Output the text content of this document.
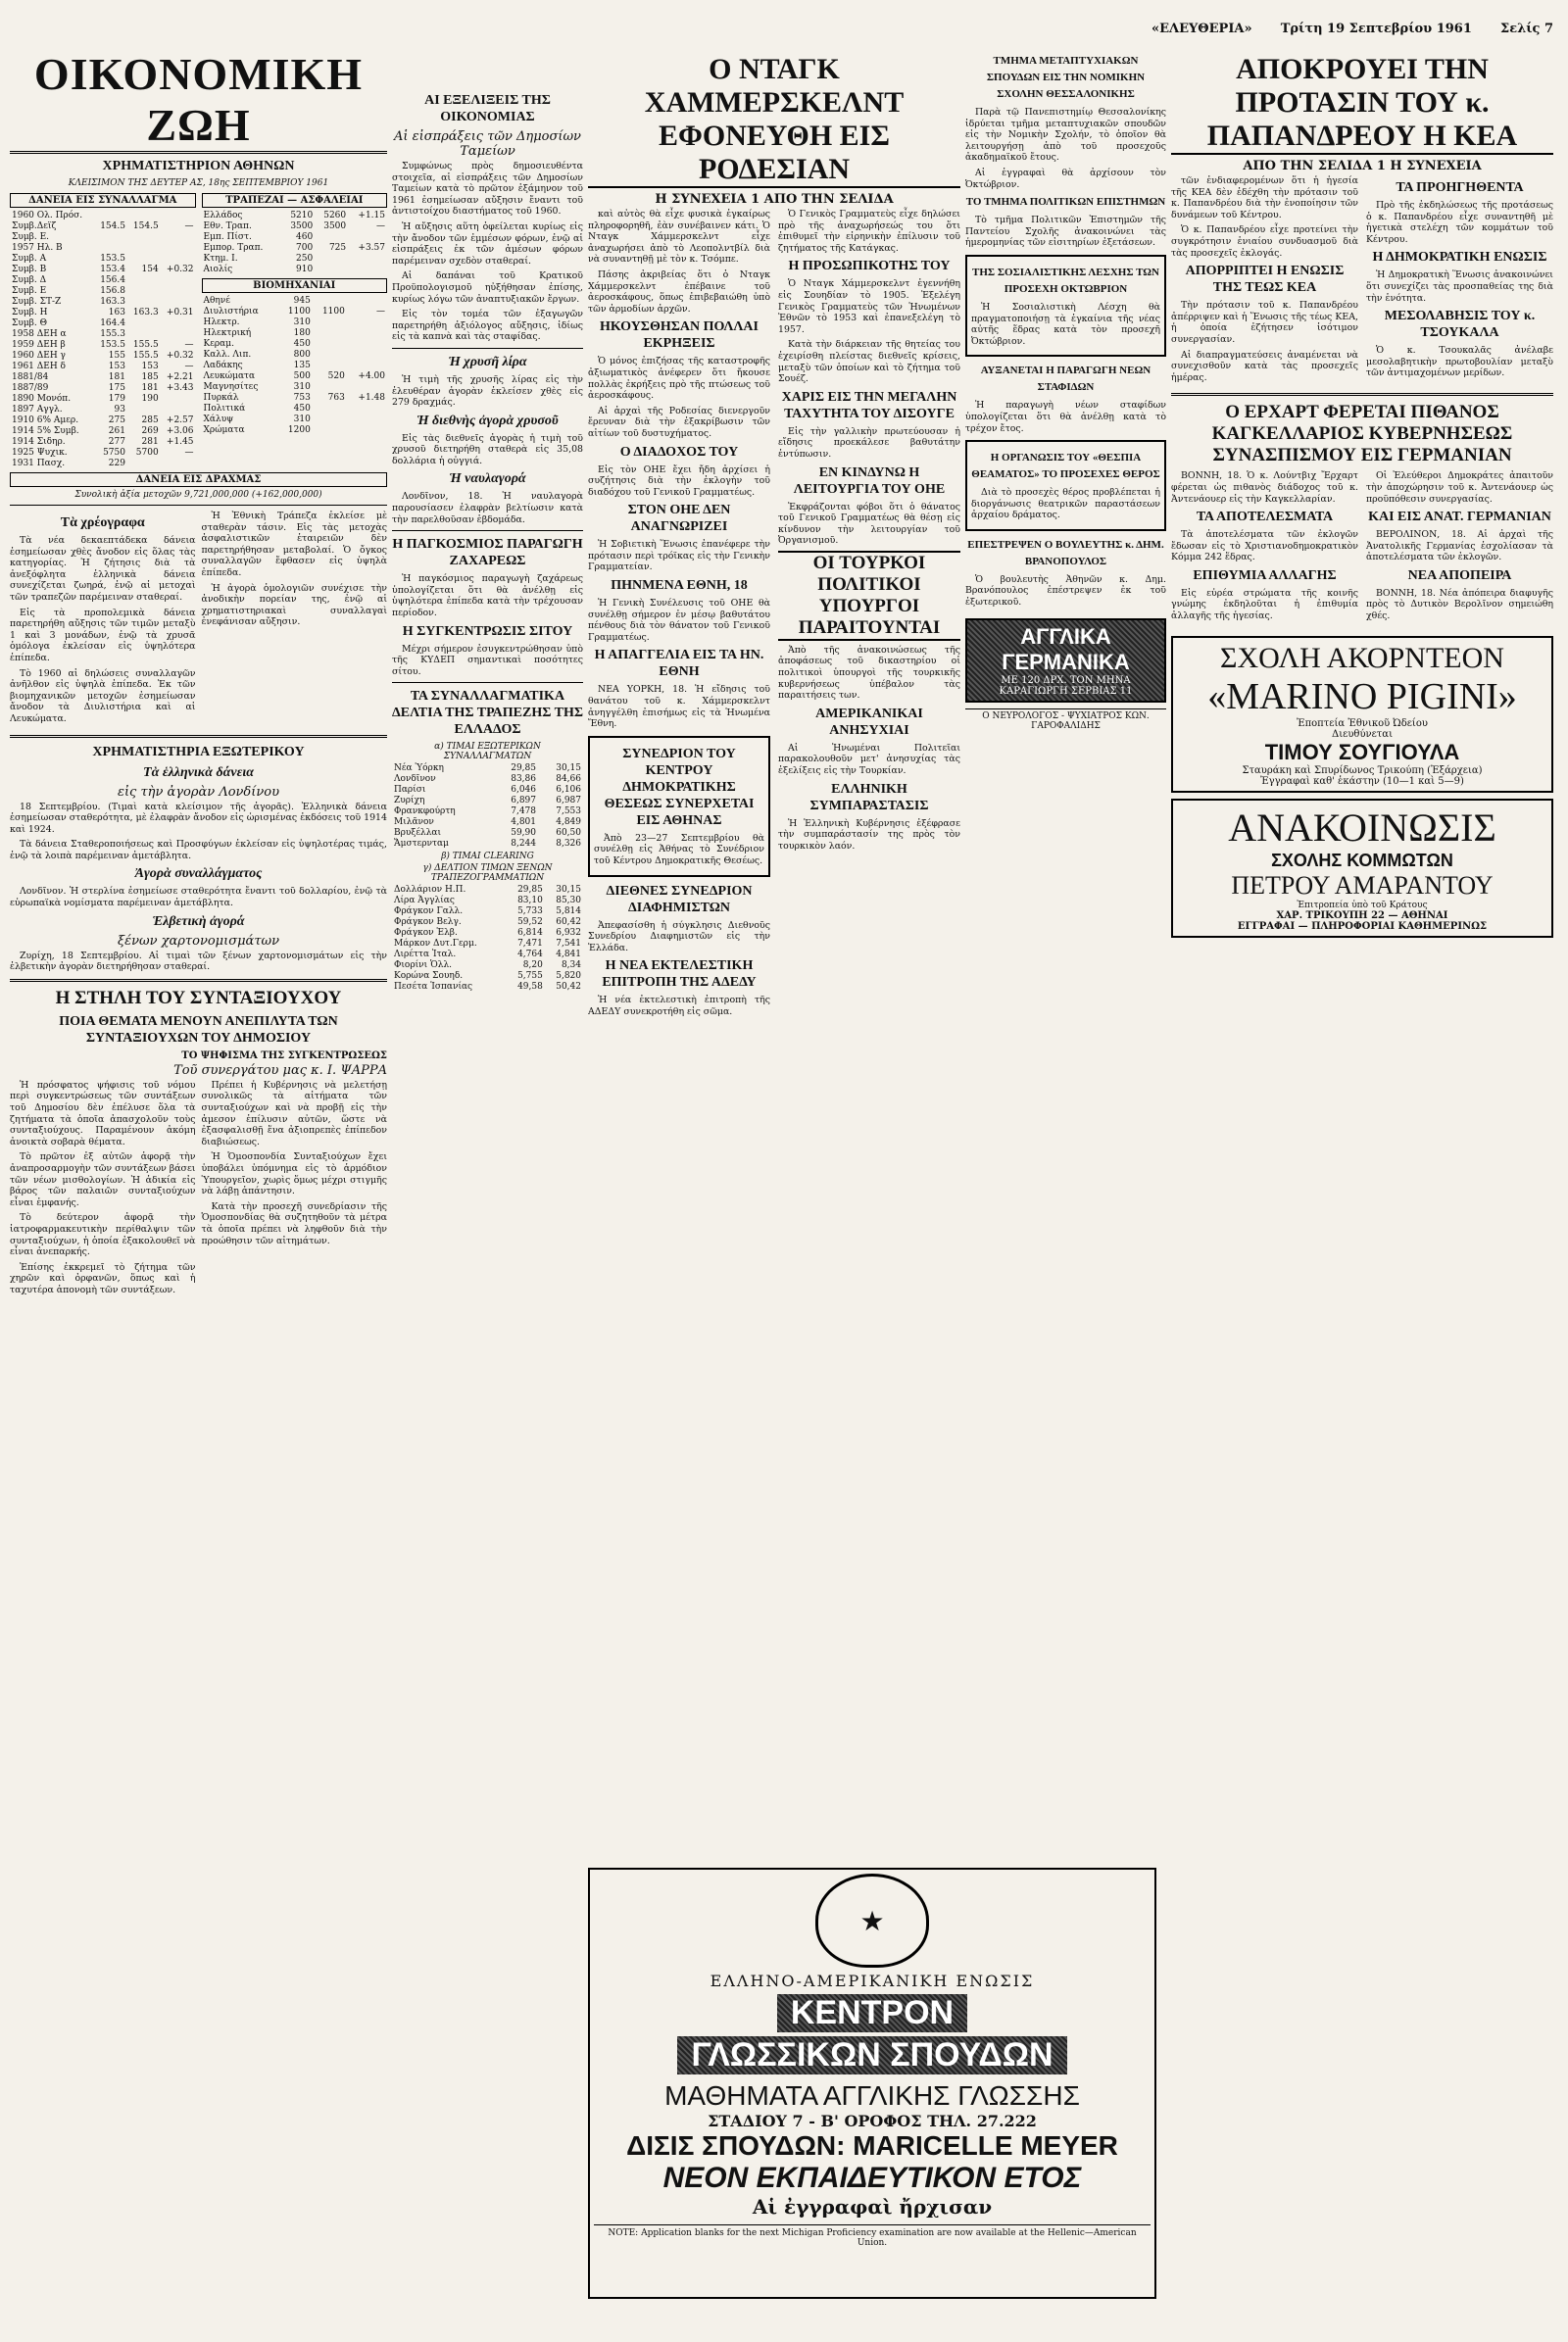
«ΕΛΕΥΘΕΡΙΑ» Τρίτη 19 Σεπτεβρίου 1961 Σελίς 7
ΟΙΚΟΝΟΜΙΚΗ ΖΩΗ
ΧΡΗΜΑΤΙΣΤΗΡΙΟΝ ΑΘΗΝΩΝ
ΚΛΕΙΣΙΜΟΝ ΤΗΣ ΔΕΥΤΕΡ ΑΣ, 18ης ΣΕΠΤΕΜΒΡΙΟΥ 1961
ΔΑΝΕΙΑ ΕΙΣ ΣΥΝΑΛΛΑΓΜΑ
1960 Ολ. Πρόσ.			
Συμβ.Δεϊζ	154.5	154.5	—
Συμβ. Ε.			
1957 Ηλ. Β			
Συμβ. Α	153.5		
Συμβ. Β	153.4	154	+0.32
Συμβ. Δ	156.4		
Συμβ. Ε	156.8		
Συμβ. ΣΤ-Ζ	163.3		
Συμβ. Η	163	163.3	+0.31
Συμβ. Θ	164.4		
1958 ΔΕΗ α	155.3		
1959 ΔΕΗ β	153.5	155.5	—
1960 ΔΕΗ γ	155	155.5	+0.32
1961 ΔΕΗ δ	153	153	—
1881/84	181	185	+2.21
1887/89	175	181	+3.43
1890 Μονόπ.	179	190	
1897 Αγγλ.	93		
1910 6% Αμερ.	275	285	+2.57
1914 5% Συμβ.	261	269	+3.06
1914 Σιδηρ.	277	281	+1.45
1925 Ψυχικ.	5750	5700	—
1931 Πασχ.	229		
ΤΡΑΠΕΖΑΙ — ΑΣΦΑΛΕΙΑΙ
Ελλάδος	5210	5260	+1.15
Εθν. Τραπ.	3500	3500	—
Εμπ. Πίστ.	460		
Εμπορ. Τραπ.	700	725	+3.57
Κτημ. Ι.	250		
Αιολίς	910		
ΒΙΟΜΗΧΑΝΙΑΙ
Αθηνέ	945		
Διυλιστήρια	1100	1100	—
Ηλεκτρ.	310		
Ηλεκτρική	180		
Κεραμ.	450		
Καλλ. Λιπ.	800		
Λαδάκης	135		
Λευκώματα	500	520	+4.00
Μαγνησίτες	310		
Πυρκάλ	753	763	+1.48
Πολιτικά	450		
Χάλυψ	310		
Χρώματα	1200		
ΔΑΝΕΙΑ ΕΙΣ ΔΡΑΧΜΑΣ
Συνολικὴ ἀξία μετοχῶν 9,721,000,000 (+162,000,000)
Τὰ χρέογραφα

Τὰ νέα δεκαεπτάδεκα δάνεια ἐσημείωσαν χθὲς ἄνοδον εἰς ὅλας τὰς κατηγορίας. Ἡ ζήτησις διὰ τὰ ἀνεξόφλητα ἑλληνικὰ δάνεια συνεχίζεται ζωηρά, ἐνῷ αἱ μετοχαὶ τῶν τραπεζῶν παρέμειναν σταθεραί.

Εἰς τὰ προπολεμικὰ δάνεια παρετηρήθη αὔξησις τῶν τιμῶν μεταξὺ 1 καὶ 3 μονάδων, ἐνῷ τὰ χρυσᾶ ὁμόλογα ἐκλείσαν εἰς ὑψηλότερα ἐπίπεδα.

Τὸ 1960 αἱ δηλώσεις συναλλαγῶν ἀνῆλθον εἰς ὑψηλὰ ἐπίπεδα. Ἐκ τῶν βιομηχανικῶν μετοχῶν ἐσημείωσαν ἄνοδον τὰ Διυλιστήρια καὶ αἱ Λευκώματα.

Ἡ Ἐθνικὴ Τράπεζα ἐκλείσε μὲ σταθερὰν τάσιν. Εἰς τὰς μετοχὰς ἀσφαλιστικῶν ἑταιρειῶν δὲν παρετηρήθησαν μεταβολαί. Ὁ ὄγκος συναλλαγῶν ἔφθασεν εἰς ὑψηλὰ ἐπίπεδα.

Ἡ ἀγορὰ ὀμολογιῶν συνέχισε τὴν ἀνοδικὴν πορείαν της, ἐνῷ αἱ χρηματιστηριακαὶ συναλλαγαὶ ἐνεφάνισαν αὔξησιν.

ΧΡΗΜΑΤΙΣΤΗΡΙΑ ΕΞΩΤΕΡΙΚΟΥ
Τὰ ἑλληνικὰ δάνεια
εἰς τὴν ἀγορὰν Λονδίνου

18 Σεπτεμβρίου. (Τιμαὶ κατὰ κλείσιμον τῆς ἀγορᾶς). Ἑλληνικὰ δάνεια ἐσημείωσαν σταθερότητα, μὲ ἐλαφρὰν ἄνοδον εἰς ὡρισμένας ἐκδόσεις τοῦ 1914 καὶ 1924.

Τὰ δάνεια Σταθεροποιήσεως καὶ Προσφύγων ἐκλείσαν εἰς ὑψηλοτέρας τιμάς, ἐνῷ τὰ λοιπὰ παρέμειναν ἀμετάβλητα.

Ἀγορὰ συναλλάγματος

Λονδῖνον. Ἡ στερλίνα ἐσημείωσε σταθερότητα ἔναντι τοῦ δολλαρίου, ἐνῷ τὰ εὐρωπαϊκὰ νομίσματα παρέμειναν ἀμετάβλητα.

Ἑλβετικὴ ἀγορά
ξένων χαρτονομισμάτων

Ζυρίχη, 18 Σεπτεμβρίου. Αἱ τιμαὶ τῶν ξένων χαρτονομισμάτων εἰς τὴν ἑλβετικὴν ἀγορὰν διετηρήθησαν σταθεραί.

Η ΣΤΗΛΗ ΤΟΥ ΣΥΝΤΑΞΙΟΥΧΟΥ
ΠΟΙΑ ΘΕΜΑΤΑ ΜΕΝΟΥΝ ΑΝΕΠΙΛΥΤΑ ΤΩΝ ΣΥΝΤΑΞΙΟΥΧΩΝ ΤΟΥ ΔΗΜΟΣΙΟΥ
ΤΟ ΨΗΦΙΣΜΑ ΤΗΣ ΣΥΓΚΕΝΤΡΩΣΕΩΣ
Τοῦ συνεργάτου μας κ. Ι. ΨΑΡΡΑ

Ἡ πρόσφατος ψήφισις τοῦ νόμου περὶ συγκεντρώσεως τῶν συντάξεων τοῦ Δημοσίου δὲν ἐπέλυσε ὅλα τὰ ζητήματα τὰ ὁποῖα ἀπασχολοῦν τοὺς συνταξιούχους. Παραμένουν ἀκόμη ἀνοικτὰ σοβαρὰ θέματα.

Τὸ πρῶτον ἐξ αὐτῶν ἀφορᾷ τὴν ἀναπροσαρμογὴν τῶν συντάξεων βάσει τῶν νέων μισθολογίων. Ἡ ἀδικία εἰς βάρος τῶν παλαιῶν συνταξιούχων εἶναι ἐμφανής.

Τὸ δεύτερον ἀφορᾷ τὴν ἰατροφαρμακευτικὴν περίθαλψιν τῶν συνταξιούχων, ἡ ὁποία ἐξακολουθεῖ νὰ εἶναι ἀνεπαρκής.

Ἐπίσης ἐκκρεμεῖ τὸ ζήτημα τῶν χηρῶν καὶ ὀρφανῶν, ὅπως καὶ ἡ ταχυτέρα ἀπονομὴ τῶν συντάξεων.

Πρέπει ἡ Κυβέρνησις νὰ μελετήσῃ συνολικῶς τὰ αἰτήματα τῶν συνταξιούχων καὶ νὰ προβῇ εἰς τὴν ἀμεσον ἐπίλυσιν αὐτῶν, ὥστε νὰ ἐξασφαλισθῇ ἕνα ἀξιοπρεπὲς ἐπίπεδον διαβιώσεως.

Ἡ Ὁμοσπονδία Συνταξιούχων ἔχει ὑποβάλει ὑπόμνημα εἰς τὸ ἁρμόδιον Ὑπουργεῖον, χωρὶς ὅμως μέχρι στιγμῆς νὰ λάβῃ ἀπάντησιν.

Κατὰ τὴν προσεχῆ συνεδρίασιν τῆς Ὁμοσπονδίας θὰ συζητηθοῦν τὰ μέτρα τὰ ὁποῖα πρέπει νὰ ληφθοῦν διὰ τὴν προώθησιν τῶν αἰτημάτων.

ΑΙ ΕΞΕΛΙΞΕΙΣ ΤΗΣ ΟΙΚΟΝΟΜΙΑΣ
Αἱ εἰσπράξεις τῶν Δημοσίων Ταμείων

Συμφώνως πρὸς δημοσιευθέντα στοιχεῖα, αἱ εἰσπράξεις τῶν Δημοσίων Ταμείων κατὰ τὸ πρῶτον ἑξάμηνον τοῦ 1961 ἐσημείωσαν αὔξησιν ἔναντι τοῦ ἀντιστοίχου διαστήματος τοῦ 1960.

Ἡ αὔξησις αὕτη ὀφείλεται κυρίως εἰς τὴν ἄνοδον τῶν ἐμμέσων φόρων, ἐνῷ αἱ εἰσπράξεις ἐκ τῶν ἀμέσων φόρων παρέμειναν σχεδὸν σταθεραί.

Αἱ δαπάναι τοῦ Κρατικοῦ Προϋπολογισμοῦ ηὐξήθησαν ἐπίσης, κυρίως λόγω τῶν ἀναπτυξιακῶν ἔργων.

Εἰς τὸν τομέα τῶν ἐξαγωγῶν παρετηρήθη ἀξιόλογος αὔξησις, ἰδίως εἰς τὰ καπνὰ καὶ τὰς σταφίδας.

Ἡ χρυσῆ λίρα

Ἡ τιμὴ τῆς χρυσῆς λίρας εἰς τὴν ἐλευθέραν ἀγορὰν ἐκλείσεν χθὲς εἰς 279 δραχμάς.

Ἡ διεθνὴς ἀγορὰ χρυσοῦ

Εἰς τὰς διεθνεῖς ἀγορὰς ἡ τιμὴ τοῦ χρυσοῦ διετηρήθη σταθερὰ εἰς 35,08 δολλάρια ἡ οὐγγιά.

Ἡ ναυλαγορά

Λονδῖνον, 18. Ἡ ναυλαγορὰ παρουσίασεν ἐλαφρὰν βελτίωσιν κατὰ τὴν παρελθοῦσαν ἑβδομάδα.

Η ΠΑΓΚΟΣΜΙΟΣ ΠΑΡΑΓΩΓΗ ΖΑΧΑΡΕΩΣ

Ἡ παγκόσμιος παραγωγὴ ζαχάρεως ὑπολογίζεται ὅτι θὰ ἀνέλθῃ εἰς ὑψηλότερα ἐπίπεδα κατὰ τὴν τρέχουσαν περίοδον.

Η ΣΥΓΚΕΝΤΡΩΣΙΣ ΣΙΤΟΥ

Μέχρι σήμερον ἐσυγκεντρώθησαν ὑπὸ τῆς ΚΥΔΕΠ σημαντικαὶ ποσότητες σίτου.

ΤΑ ΣΥΝΑΛΛΑΓΜΑΤΙΚΑ ΔΕΛΤΙΑ ΤΗΣ ΤΡΑΠΕΖΗΣ ΤΗΣ ΕΛΛΑΔΟΣ
α) ΤΙΜΑΙ ΕΞΩΤΕΡΙΚΩΝ ΣΥΝΑΛΛΑΓΜΑΤΩΝ
Νέα Ὑόρκη	29,85	30,15
Λονδῖνον	83,86	84,66
Παρίσι	6,046	6,106
Ζυρίχη	6,897	6,987
Φρανκφούρτη	7,478	7,553
Μιλᾶνον	4,801	4,849
Βρυξέλλαι	59,90	60,50
Ἄμστερνταμ	8,244	8,326
β) ΤΙΜΑΙ CLEARING
γ) ΔΕΛΤΙΟΝ ΤΙΜΩΝ ΞΕΝΩΝ ΤΡΑΠΕΖΟΓΡΑΜΜΑΤΙΩΝ
Δολλάριον Η.Π.	29,85	30,15
Λίρα Ἀγγλίας	83,10	85,30
Φράγκον Γαλλ.	5,733	5,814
Φράγκον Βελγ.	59,52	60,42
Φράγκον Ἑλβ.	6,814	6,932
Μάρκον Δυτ.Γερμ.	7,471	7,541
Λιρέττα Ἰταλ.	4,764	4,841
Φιορίνι Ὁλλ.	8,20	8,34
Κορώνα Σουηδ.	5,755	5,820
Πεσέτα Ἱσπανίας	49,58	50,42
Ο ΝΤΑΓΚ ΧΑΜΜΕΡΣΚΕΛΝΤ ΕΦΟΝΕΥΘΗ ΕΙΣ ΡΟΔΕΣΙΑΝ
Η ΣΥΝΕΧΕΙΑ 1 ΑΠΟ ΤΗΝ ΣΕΛΙΔΑ

καὶ αὐτὸς θὰ εἶχε φυσικὰ ἐγκαίρως πληροφορηθῆ, ἐὰν συνέβαινεν κάτι. Ὁ Νταγκ Χάμμερσκελντ εἶχε ἀναχωρήσει ἀπὸ τὸ Λεοπολντβίλ διὰ νὰ συναντηθῇ μὲ τὸν κ. Τσόμπε.

Πάσης ἀκριβείας ὅτι ὁ Νταγκ Χάμμερσκελντ ἐπέβαινε τοῦ ἀεροσκάφους, ὅπως ἐπιβεβαιώθη ὑπὸ τῶν ἁρμοδίων ἀρχῶν.

ΗΚΟΥΣΘΗΣΑΝ ΠΟΛΛΑΙ ΕΚΡΗΞΕΙΣ

Ὁ μόνος ἐπιζήσας τῆς καταστροφῆς ἀξιωματικὸς ἀνέφερεν ὅτι ἤκουσε πολλὰς ἐκρήξεις πρὸ τῆς πτώσεως τοῦ ἀεροσκάφους.

Αἱ ἀρχαὶ τῆς Ροδεσίας διενεργοῦν ἔρευναν διὰ τὴν ἐξακρίβωσιν τῶν αἰτίων τοῦ δυστυχήματος.

Ο ΔΙΑΔΟΧΟΣ ΤΟΥ

Εἰς τὸν ΟΗΕ ἔχει ἤδη ἀρχίσει ἡ συζήτησις διὰ τὴν ἐκλογὴν τοῦ διαδόχου τοῦ Γενικοῦ Γραμματέως.

ΣΤΟΝ ΟΗΕ ΔΕΝ ΑΝΑΓΝΩΡΙΖΕΙ

Ἡ Σοβιετικὴ Ἕνωσις ἐπανέφερε τὴν πρότασιν περὶ τρόϊκας εἰς τὴν Γενικὴν Γραμματείαν.

ΠΗΝΜΕΝΑ ΕΘΝΗ, 18

Ἡ Γενικὴ Συνέλευσις τοῦ ΟΗΕ θὰ συνέλθῃ σήμερον ἐν μέσῳ βαθυτάτου πένθους διὰ τὸν θάνατον τοῦ Γενικοῦ Γραμματέως.

Η ΑΠΑΓΓΕΛΙΑ ΕΙΣ ΤΑ ΗΝ. ΕΘΝΗ

ΝΕΑ ΥΟΡΚΗ, 18. Ἡ εἴδησις τοῦ θανάτου τοῦ κ. Χάμμερσκελντ ἀνηγγέλθη ἐπισήμως εἰς τὰ Ἡνωμένα Ἔθνη.

ΣΥΝΕΔΡΙΟΝ ΤΟΥ ΚΕΝΤΡΟΥ ΔΗΜΟΚΡΑΤΙΚΗΣ ΘΕΣΕΩΣ ΣΥΝΕΡΧΕΤΑΙ ΕΙΣ ΑΘΗΝΑΣ

Ἀπὸ 23—27 Σεπτεμβρίου θὰ συνέλθῃ εἰς Ἀθήνας τὸ Συνέδριον τοῦ Κέντρου Δημοκρατικῆς Θεσέως.

ΔΙΕΘΝΕΣ ΣΥΝΕΔΡΙΟΝ ΔΙΑΦΗΜΙΣΤΩΝ

Ἀπεφασίσθη ἡ σύγκλησις Διεθνοῦς Συνεδρίου Διαφημιστῶν εἰς τὴν Ἑλλάδα.

Η ΝΕΑ ΕΚΤΕΛΕΣΤΙΚΗ ΕΠΙΤΡΟΠΗ ΤΗΣ ΑΔΕΔΥ

Ἡ νέα ἐκτελεστικὴ ἐπιτροπὴ τῆς ΑΔΕΔΥ συνεκροτήθη εἰς σῶμα.

Ὁ Γενικὸς Γραμματεὺς εἶχε δηλώσει πρὸ τῆς ἀναχωρήσεώς του ὅτι ἐπιθυμεῖ τὴν εἰρηνικὴν ἐπίλυσιν τοῦ ζητήματος τῆς Κατάγκας.

Η ΠΡΟΣΩΠΙΚΟΤΗΣ ΤΟΥ

Ὁ Νταγκ Χάμμερσκελντ ἐγεννήθη εἰς Σουηδίαν τὸ 1905. Ἐξελέγη Γενικὸς Γραμματεὺς τῶν Ἡνωμένων Ἐθνῶν τὸ 1953 καὶ ἐπανεξελέγη τὸ 1957.

Κατὰ τὴν διάρκειαν τῆς θητείας του ἐχειρίσθη πλείστας διεθνεῖς κρίσεις, μεταξὺ τῶν ὁποίων καὶ τὸ ζήτημα τοῦ Σουέζ.

ΧΑΡΙΣ ΕΙΣ ΤΗΝ ΜΕΓΑΛΗΝ ΤΑΧΥΤΗΤΑ ΤΟΥ ΔΙΣΟΥΓΕ

Εἰς τὴν γαλλικὴν πρωτεύουσαν ἡ εἴδησις προεκάλεσε βαθυτάτην ἐντύπωσιν.

ΕΝ ΚΙΝΔΥΝΩ Η ΛΕΙΤΟΥΡΓΙΑ ΤΟΥ ΟΗΕ

Ἐκφράζονται φόβοι ὅτι ὁ θάνατος τοῦ Γενικοῦ Γραμματέως θὰ θέσῃ εἰς κίνδυνον τὴν λειτουργίαν τοῦ Ὀργανισμοῦ.

ΟΙ ΤΟΥΡΚΟΙ ΠΟΛΙΤΙΚΟΙ ΥΠΟΥΡΓΟΙ ΠΑΡΑΙΤΟΥΝΤΑΙ

Ἀπὸ τῆς ἀνακοινώσεως τῆς ἀποφάσεως τοῦ δικαστηρίου οἱ πολιτικοὶ ὑπουργοὶ τῆς τουρκικῆς κυβερνήσεως ὑπέβαλον τὰς παραιτήσεις των.

ΑΜΕΡΙΚΑΝΙΚΑΙ ΑΝΗΣΥΧΙΑΙ

Αἱ Ἡνωμέναι Πολιτεῖαι παρακολουθοῦν μετ' ἀνησυχίας τὰς ἐξελίξεις εἰς τὴν Τουρκίαν.

ΕΛΛΗΝΙΚΗ ΣΥΜΠΑΡΑΣΤΑΣΙΣ

Ἡ Ἑλληνικὴ Κυβέρνησις ἐξέφρασε τὴν συμπαράστασίν της πρὸς τὸν τουρκικὸν λαόν.

ΤΜΗΜΑ ΜΕΤΑΠΤΥΧΙΑΚΩΝ ΣΠΟΥΔΩΝ ΕΙΣ ΤΗΝ ΝΟΜΙΚΗΝ ΣΧΟΛΗΝ ΘΕΣΣΑΛΟΝΙΚΗΣ

Παρὰ τῷ Πανεπιστημίῳ Θεσσαλονίκης ἱδρύεται τμῆμα μεταπτυχιακῶν σπουδῶν εἰς τὴν Νομικὴν Σχολήν, τὸ ὁποῖον θὰ λειτουργήσῃ ἀπὸ τοῦ προσεχοῦς ἀκαδημαϊκοῦ ἔτους.

Αἱ ἐγγραφαὶ θὰ ἀρχίσουν τὸν Ὀκτώβριον.

ΤΟ ΤΜΗΜΑ ΠΟΛΙΤΙΚΩΝ ΕΠΙΣΤΗΜΩΝ

Τὸ τμῆμα Πολιτικῶν Ἐπιστημῶν τῆς Παντείου Σχολῆς ἀνακοινώνει τὰς ἡμερομηνίας τῶν εἰσιτηρίων ἐξετάσεων.

ΤΗΣ ΣΟΣΙΑΛΙΣΤΙΚΗΣ ΛΕΣΧΗΣ ΤΩΝ ΠΡΟΣΕΧΗ ΟΚΤΩΒΡΙΟΝ

Ἡ Σοσιαλιστικὴ Λέσχη θὰ πραγματοποιήσῃ τὰ ἐγκαίνια τῆς νέας αὐτῆς ἕδρας κατὰ τὸν προσεχῆ Ὀκτώβριον.

ΑΥΞΑΝΕΤΑΙ Η ΠΑΡΑΓΩΓΗ ΝΕΩΝ ΣΤΑΦΙΔΩΝ

Ἡ παραγωγὴ νέων σταφίδων ὑπολογίζεται ὅτι θὰ ἀνέλθῃ κατὰ τὸ τρέχον ἔτος.

Η ΟΡΓΑΝΩΣΙΣ ΤΟΥ «ΘΕΣΠΙΑ ΘΕΑΜΑΤΟΣ» ΤΟ ΠΡΟΣΕΧΕΣ ΘΕΡΟΣ

Διὰ τὸ προσεχὲς θέρος προβλέπεται ἡ διοργάνωσις θεατρικῶν παραστάσεων ἀρχαίου δράματος.

ΕΠΕΣΤΡΕΨΕΝ Ο ΒΟΥΛΕΥΤΗΣ κ. ΔΗΜ. ΒΡΑΝΟΠΟΥΛΟΣ

Ὁ βουλευτὴς Ἀθηνῶν κ. Δημ. Βρανόπουλος ἐπέστρεψεν ἐκ τοῦ ἐξωτερικοῦ.

ΑΓΓΛΙΚΑ ΓΕΡΜΑΝΙΚΑ
ΜΕ 120 ΔΡΧ. ΤΟΝ ΜΗΝΑ
ΚΑΡΑΓΙΩΡΓΗ ΣΕΡΒΙΑΣ 11
Ο ΝΕΥΡΟΛΟΓΟΣ - ΨΥΧΙΑΤΡΟΣ ΚΩΝ. ΓΑΡΟΦΑΛΙΔΗΣ
ΑΠΟΚΡΟΥΕΙ ΤΗΝ ΠΡΟΤΑΣΙΝ ΤΟΥ κ. ΠΑΠΑΝΔΡΕΟΥ Η ΚΕΑ
ΑΠΟ ΤΗΝ ΣΕΛΙΔΑ 1 Η ΣΥΝΕΧΕΙΑ

τῶν ἐνδιαφερομένων ὅτι ἡ ἡγεσία τῆς ΚΕΑ δὲν ἐδέχθη τὴν πρότασιν τοῦ κ. Παπανδρέου διὰ τὴν ἑνοποίησιν τῶν δυνάμεων τοῦ Κέντρου.

Ὁ κ. Παπανδρέου εἶχε προτείνει τὴν συγκρότησιν ἑνιαίου συνδυασμοῦ διὰ τὰς προσεχεῖς ἐκλογάς.

ΑΠΟΡΡΙΠΤΕΙ Η ΕΝΩΣΙΣ ΤΗΣ ΤΕΩΣ ΚΕΑ

Τὴν πρότασιν τοῦ κ. Παπανδρέου ἀπέρριψεν καὶ ἡ Ἕνωσις τῆς τέως ΚΕΑ, ἡ ὁποία ἐζήτησεν ἰσότιμον συνεργασίαν.

Αἱ διαπραγματεύσεις ἀναμένεται νὰ συνεχισθοῦν κατὰ τὰς προσεχεῖς ἡμέρας.

ΤΑ ΠΡΟΗΓΗΘΕΝΤΑ

Πρὸ τῆς ἐκδηλώσεως τῆς προτάσεως ὁ κ. Παπανδρέου εἶχε συναντηθῆ μὲ ἡγετικὰ στελέχη τῶν κομμάτων τοῦ Κέντρου.

Η ΔΗΜΟΚΡΑΤΙΚΗ ΕΝΩΣΙΣ

Ἡ Δημοκρατικὴ Ἕνωσις ἀνακοινώνει ὅτι συνεχίζει τὰς προσπαθείας της διὰ τὴν ἑνότητα.

ΜΕΣΟΛΑΒΗΣΙΣ ΤΟΥ κ. ΤΣΟΥΚΑΛΑ

Ὁ κ. Τσουκαλᾶς ἀνέλαβε μεσολαβητικὴν πρωτοβουλίαν μεταξὺ τῶν ἀντιμαχομένων μερίδων.

Ο ΕΡΧΑΡΤ ΦΕΡΕΤΑΙ ΠΙΘΑΝΟΣ ΚΑΓΚΕΛΛΑΡΙΟΣ ΚΥΒΕΡΝΗΣΕΩΣ ΣΥΝΑΣΠΙΣΜΟΥ ΕΙΣ ΓΕΡΜΑΝΙΑΝ

ΒΟΝΝΗ, 18. Ὁ κ. Λούντβιχ Ἔρχαρτ φέρεται ὡς πιθανὸς διάδοχος τοῦ κ. Ἀντενάουερ εἰς τὴν Καγκελλαρίαν.

ΤΑ ΑΠΟΤΕΛΕΣΜΑΤΑ

Τὰ ἀποτελέσματα τῶν ἐκλογῶν ἔδωσαν εἰς τὸ Χριστιανοδημοκρατικὸν Κόμμα 242 ἕδρας.

ΕΠΙΘΥΜΙΑ ΑΛΛΑΓΗΣ

Εἰς εὐρέα στρώματα τῆς κοινῆς γνώμης ἐκδηλοῦται ἡ ἐπιθυμία ἀλλαγῆς τῆς ἡγεσίας.

Οἱ Ἐλεύθεροι Δημοκράτες ἀπαιτοῦν τὴν ἀποχώρησιν τοῦ κ. Ἀντενάουερ ὡς προϋπόθεσιν συνεργασίας.

ΚΑΙ ΕΙΣ ΑΝΑΤ. ΓΕΡΜΑΝΙΑΝ

ΒΕΡΟΛΙΝΟΝ, 18. Αἱ ἀρχαὶ τῆς Ἀνατολικῆς Γερμανίας ἐσχολίασαν τὰ ἀποτελέσματα τῶν ἐκλογῶν.

ΝΕΑ ΑΠΟΠΕΙΡΑ

ΒΟΝΝΗ, 18. Νέα ἀπόπειρα διαφυγῆς πρὸς τὸ Δυτικὸν Βερολῖνον σημειώθη χθές.

ΣΧΟΛΗ ΑΚΟΡΝΤΕΟΝ
«MARINO PIGINI»
Ἐποπτεία Ἐθνικοῦ Ὠδείου
Διευθύνεται
ΤΙΜΟΥ ΣΟΥΓΙΟΥΛΑ
Σταυράκη καὶ Σπυρίδωνος Τρικούπη (Ἐξάρχεια)
Ἐγγραφαὶ καθ' ἑκάστην (10—1 καὶ 5—9)
ΑΝΑΚΟΙΝΩΣΙΣ
ΣΧΟΛΗΣ ΚΟΜΜΩΤΩΝ
ΠΕΤΡΟΥ ΑΜΑΡΑΝΤΟΥ
Ἐπιτροπεία ὑπὸ τοῦ Κράτους
ΧΑΡ. ΤΡΙΚΟΥΠΗ 22 — ΑΘΗΝΑΙ
ΕΓΓΡΑΦΑΙ — ΠΛΗΡΟΦΟΡΙΑΙ ΚΑΘΗΜΕΡΙΝΩΣ
★
ΕΛΛΗΝΟ-ΑΜΕΡΙΚΑΝΙΚΗ ΕΝΩΣΙΣ
ΚΕΝΤΡΟΝ
ΓΛΩΣΣΙΚΩΝ ΣΠΟΥΔΩΝ
ΜΑΘΗΜΑΤΑ ΑΓΓΛΙΚΗΣ ΓΛΩΣΣΗΣ
ΣΤΑΔΙΟΥ 7 - Β' ΟΡΟΦΟΣ ΤΗΛ. 27.222
ΔΙΣΙΣ ΣΠΟΥΔΩΝ: MARICELLE MEYER
ΝΕΟΝ ΕΚΠΑΙΔΕΥΤΙΚΟΝ ΕΤΟΣ
Αἱ ἐγγραφαὶ ἤρχισαν
NOTE: Application blanks for the next Michigan Proficiency examination are now available at the Hellenic—American Union.
